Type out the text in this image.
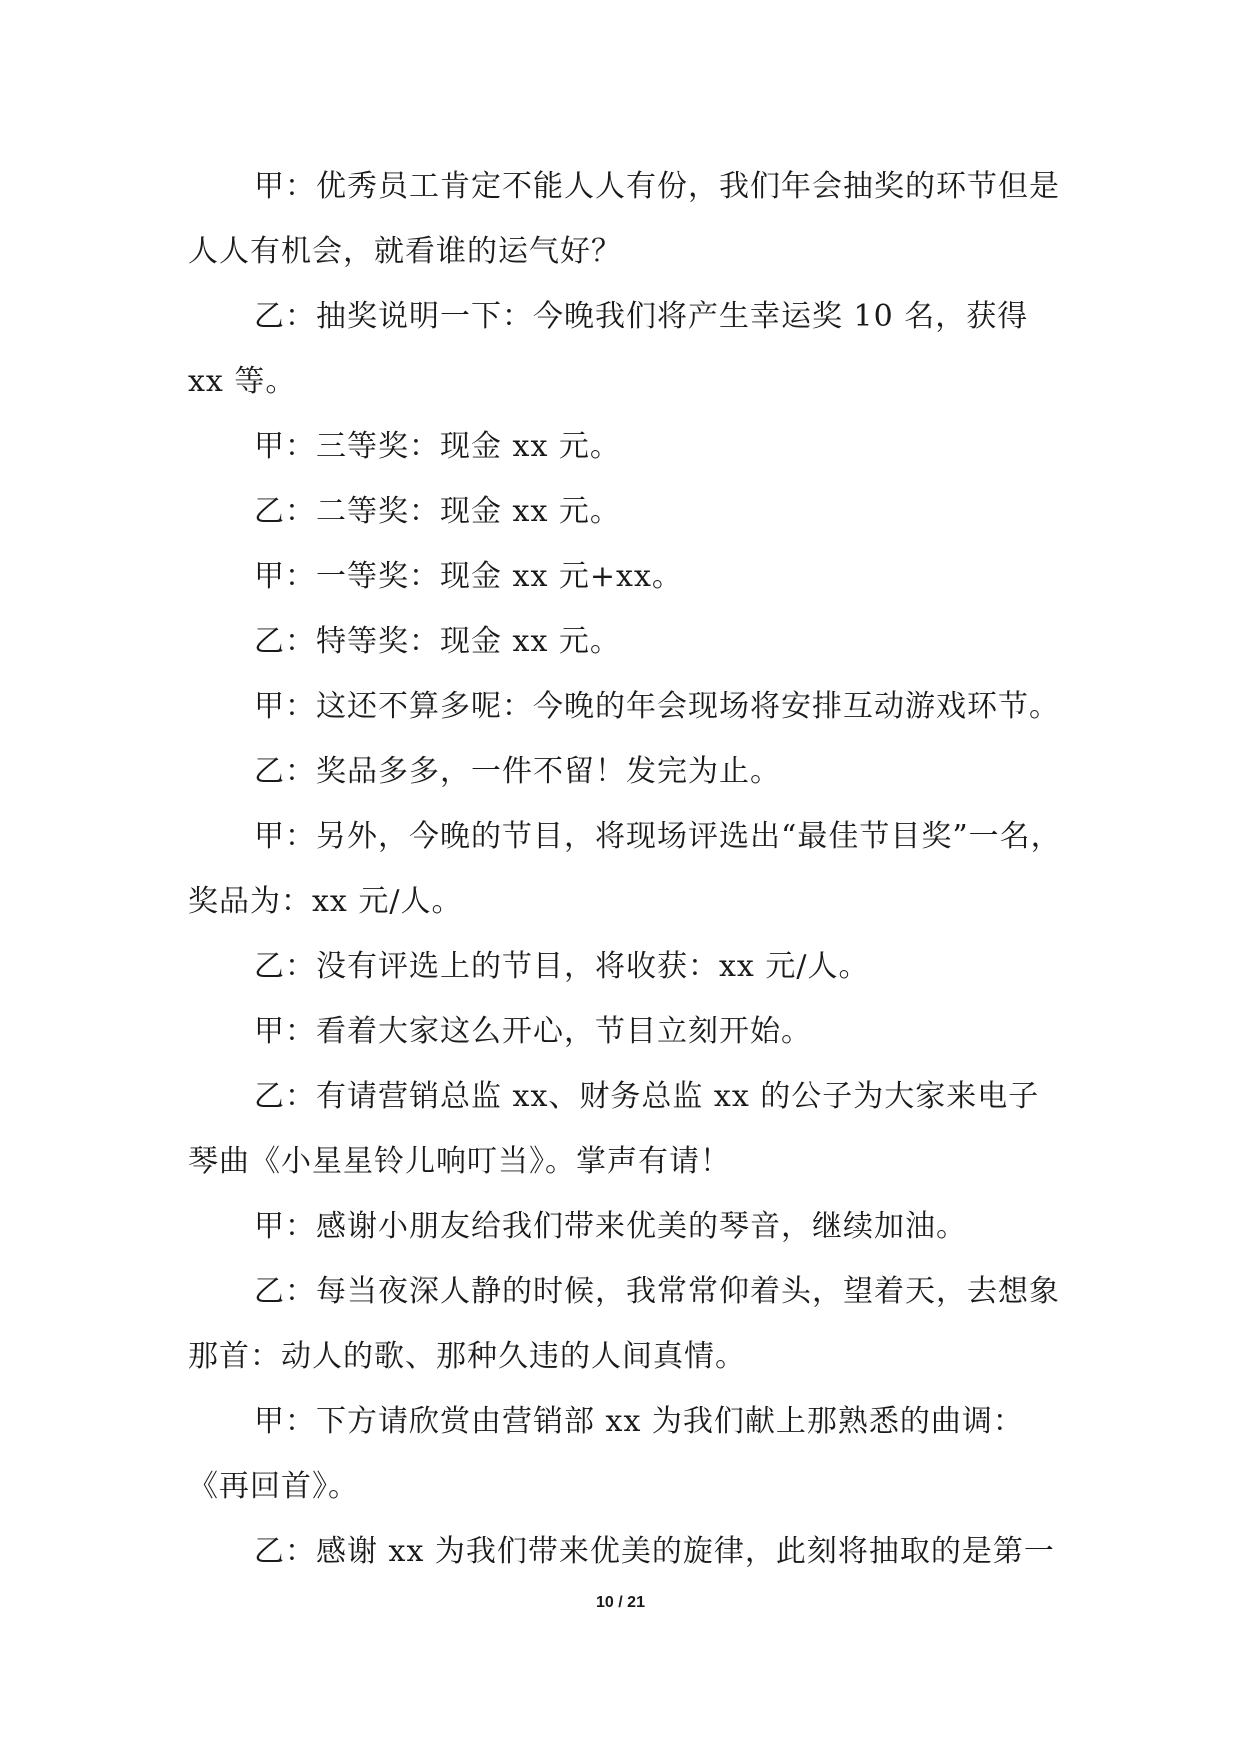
甲：优秀员工肯定不能人人有份，我们年会抽奖的环节但是人人有机会，就看谁的运气好？

乙：抽奖说明一下：今晚我们将产生幸运奖 10 名，获得 xx 等。

甲：三等奖：现金 xx 元。

乙：二等奖：现金 xx 元。

甲：一等奖：现金 xx 元+xx。

乙：特等奖：现金 xx 元。

甲：这还不算多呢：今晚的年会现场将安排互动游戏环节。

乙：奖品多多，一件不留！发完为止。

甲：另外，今晚的节目，将现场评选出“最佳节目奖”一名，奖品为：xx 元/人。

乙：没有评选上的节目，将收获：xx 元/人。

甲：看着大家这么开心，节目立刻开始。

乙：有请营销总监 xx、财务总监 xx 的公子为大家来电子琴曲《小星星铃儿响叮当》。掌声有请！

甲：感谢小朋友给我们带来优美的琴音，继续加油。

乙：每当夜深人静的时候，我常常仰着头，望着天，去想象那首：动人的歌、那种久违的人间真情。

甲：下方请欣赏由营销部 xx 为我们献上那熟悉的曲调：《再回首》。

乙：感谢 xx 为我们带来优美的旋律，此刻将抽取的是第一

10 / 21
